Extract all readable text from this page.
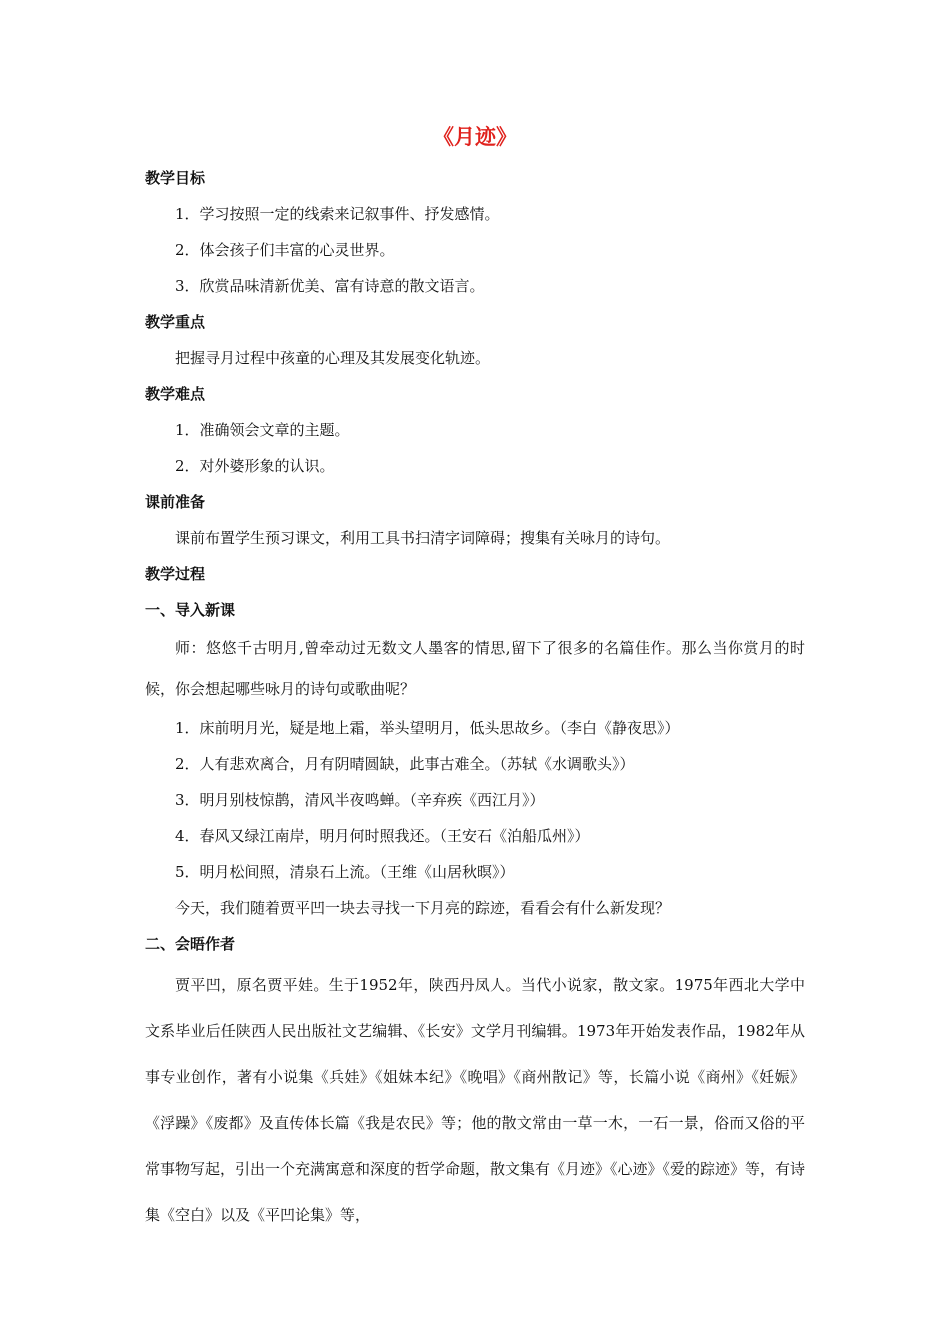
《月迹》

教学目标

1．学习按照一定的线索来记叙事件、抒发感情。

2．体会孩子们丰富的心灵世界。

3．欣赏品味清新优美、富有诗意的散文语言。

教学重点

把握寻月过程中孩童的心理及其发展变化轨迹。

教学难点

1．准确领会文章的主题。

2．对外婆形象的认识。

课前准备

课前布置学生预习课文，利用工具书扫清字词障碍；搜集有关咏月的诗句。

教学过程

一、导入新课

师：悠悠千古明月,曾牵动过无数文人墨客的情思,留下了很多的名篇佳作。那么当你赏月的时候，你会想起哪些咏月的诗句或歌曲呢？

1．床前明月光，疑是地上霜，举头望明月，低头思故乡。（李白《静夜思》）

2．人有悲欢离合，月有阴晴圆缺，此事古难全。（苏轼《水调歌头》）

3．明月别枝惊鹊，清风半夜鸣蝉。（辛弃疾《西江月》）

4．春风又绿江南岸，明月何时照我还。（王安石《泊船瓜州》）

5．明月松间照，清泉石上流。（王维《山居秋暝》）

今天，我们随着贾平凹一块去寻找一下月亮的踪迹，看看会有什么新发现？

二、会晤作者

贾平凹，原名贾平娃。生于1952年，陕西丹凤人。当代小说家，散文家。1975年西北大学中文系毕业后任陕西人民出版社文艺编辑、《长安》文学月刊编辑。1973年开始发表作品，1982年从事专业创作，著有小说集《兵娃》《姐妹本纪》《晚唱》《商州散记》等，长篇小说《商州》《妊娠》《浮躁》《废都》及直传体长篇《我是农民》等；他的散文常由一草一木，一石一景，俗而又俗的平常事物写起，引出一个充满寓意和深度的哲学命题，散文集有《月迹》《心迹》《爱的踪迹》等，有诗集《空白》以及《平凹论集》等，
